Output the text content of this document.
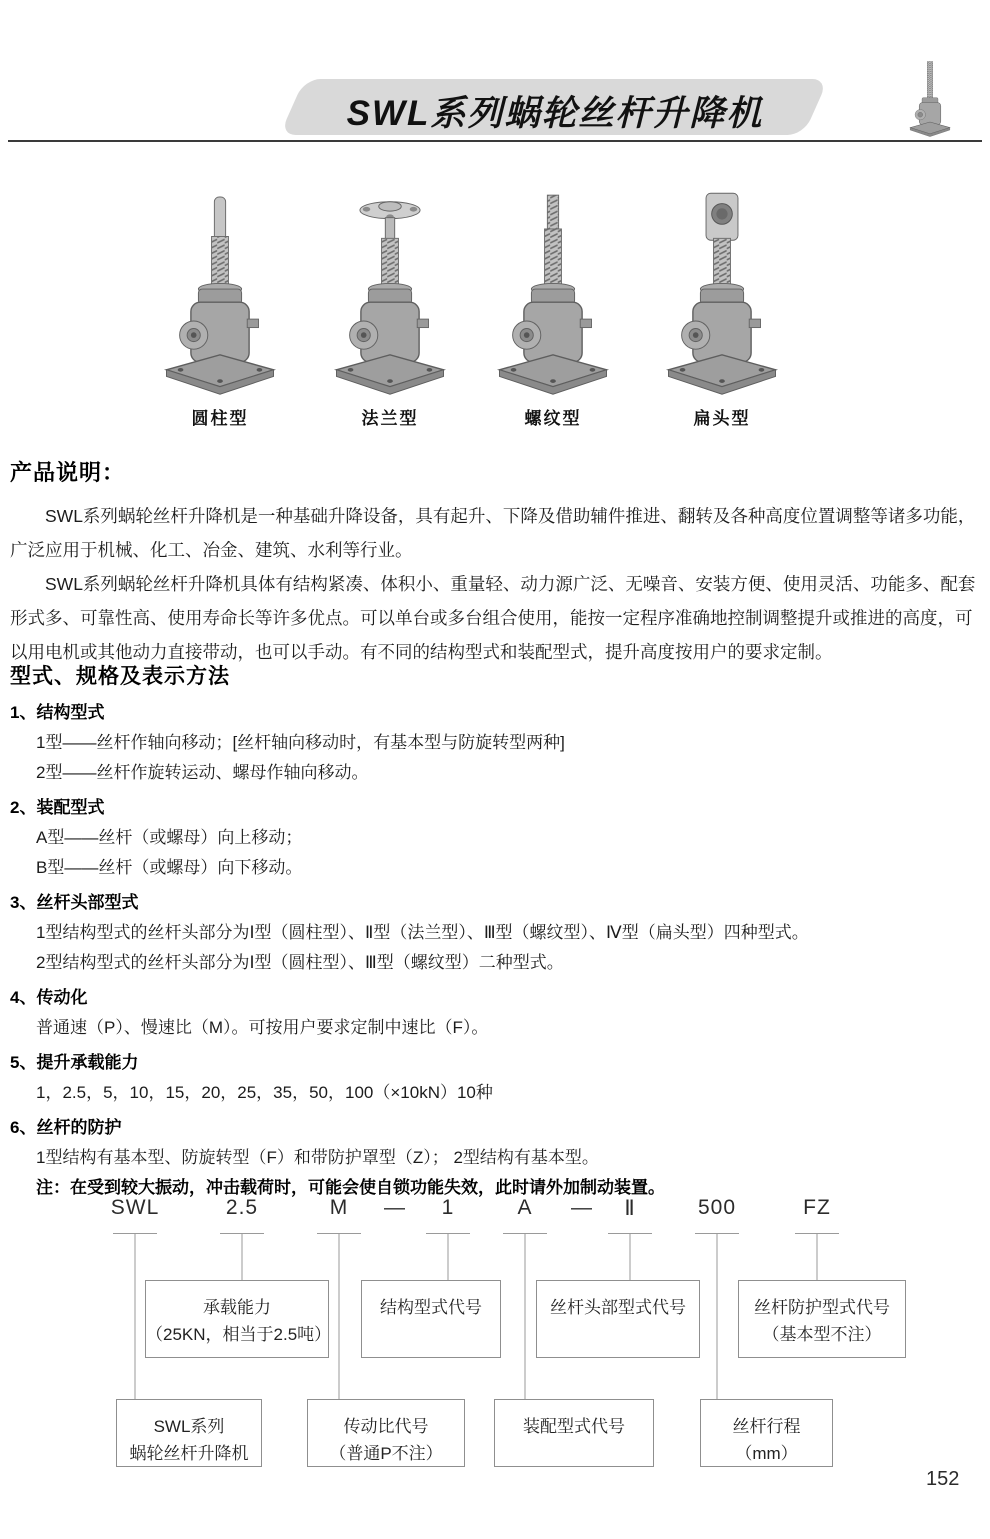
SWL系列蜗轮丝杆升降机
圆柱型	法兰型	螺纹型	扁头型
产品说明：

SWL系列蜗轮丝杆升降机是一种基础升降设备，具有起升、下降及借助辅件推进、翻转及各种高度位置调整等诸多功能，广泛应用于机械、化工、冶金、建筑、水利等行业。

SWL系列蜗轮丝杆升降机具体有结构紧凑、体积小、重量轻、动力源广泛、无噪音、安装方便、使用灵活、功能多、配套形式多、可靠性高、使用寿命长等许多优点。可以单台或多台组合使用，能按一定程序准确地控制调整提升或推进的高度，可以用电机或其他动力直接带动，也可以手动。有不同的结构型式和装配型式，提升高度按用户的要求定制。

型式、规格及表示方法
1、结构型式
1型——丝杆作轴向移动；[丝杆轴向移动时，有基本型与防旋转型两种]
2型——丝杆作旋转运动、螺母作轴向移动。
2、装配型式
A型——丝杆（或螺母）向上移动；
B型——丝杆（或螺母）向下移动。
3、丝杆头部型式
1型结构型式的丝杆头部分为Ⅰ型（圆柱型）、Ⅱ型（法兰型）、Ⅲ型（螺纹型）、Ⅳ型（扁头型）四种型式。
2型结构型式的丝杆头部分为Ⅰ型（圆柱型）、Ⅲ型（螺纹型）二种型式。
4、传动化
普通速（P）、慢速比（M）。可按用户要求定制中速比（F）。
5、提升承载能力
1，2.5，5，10，15，20，25，35，50，100（×10kN）10种
6、丝杆的防护
1型结构有基本型、防旋转型（F）和带防护罩型（Z）； 2型结构有基本型。
注：在受到较大振动，冲击载荷时，可能会使自锁功能失效，此时请外加制动装置。
SWL	2.5	M — 1	A — Ⅱ	500	FZ
承载能力
（25KN，相当于2.5吨）
结构型式代号	丝杆头部型式代号	丝杆防护型式代号
（基本型不注）
SWL系列
蜗轮丝杆升降机
传动比代号
（普通P不注）
装配型式代号	丝杆行程
（mm）
152
